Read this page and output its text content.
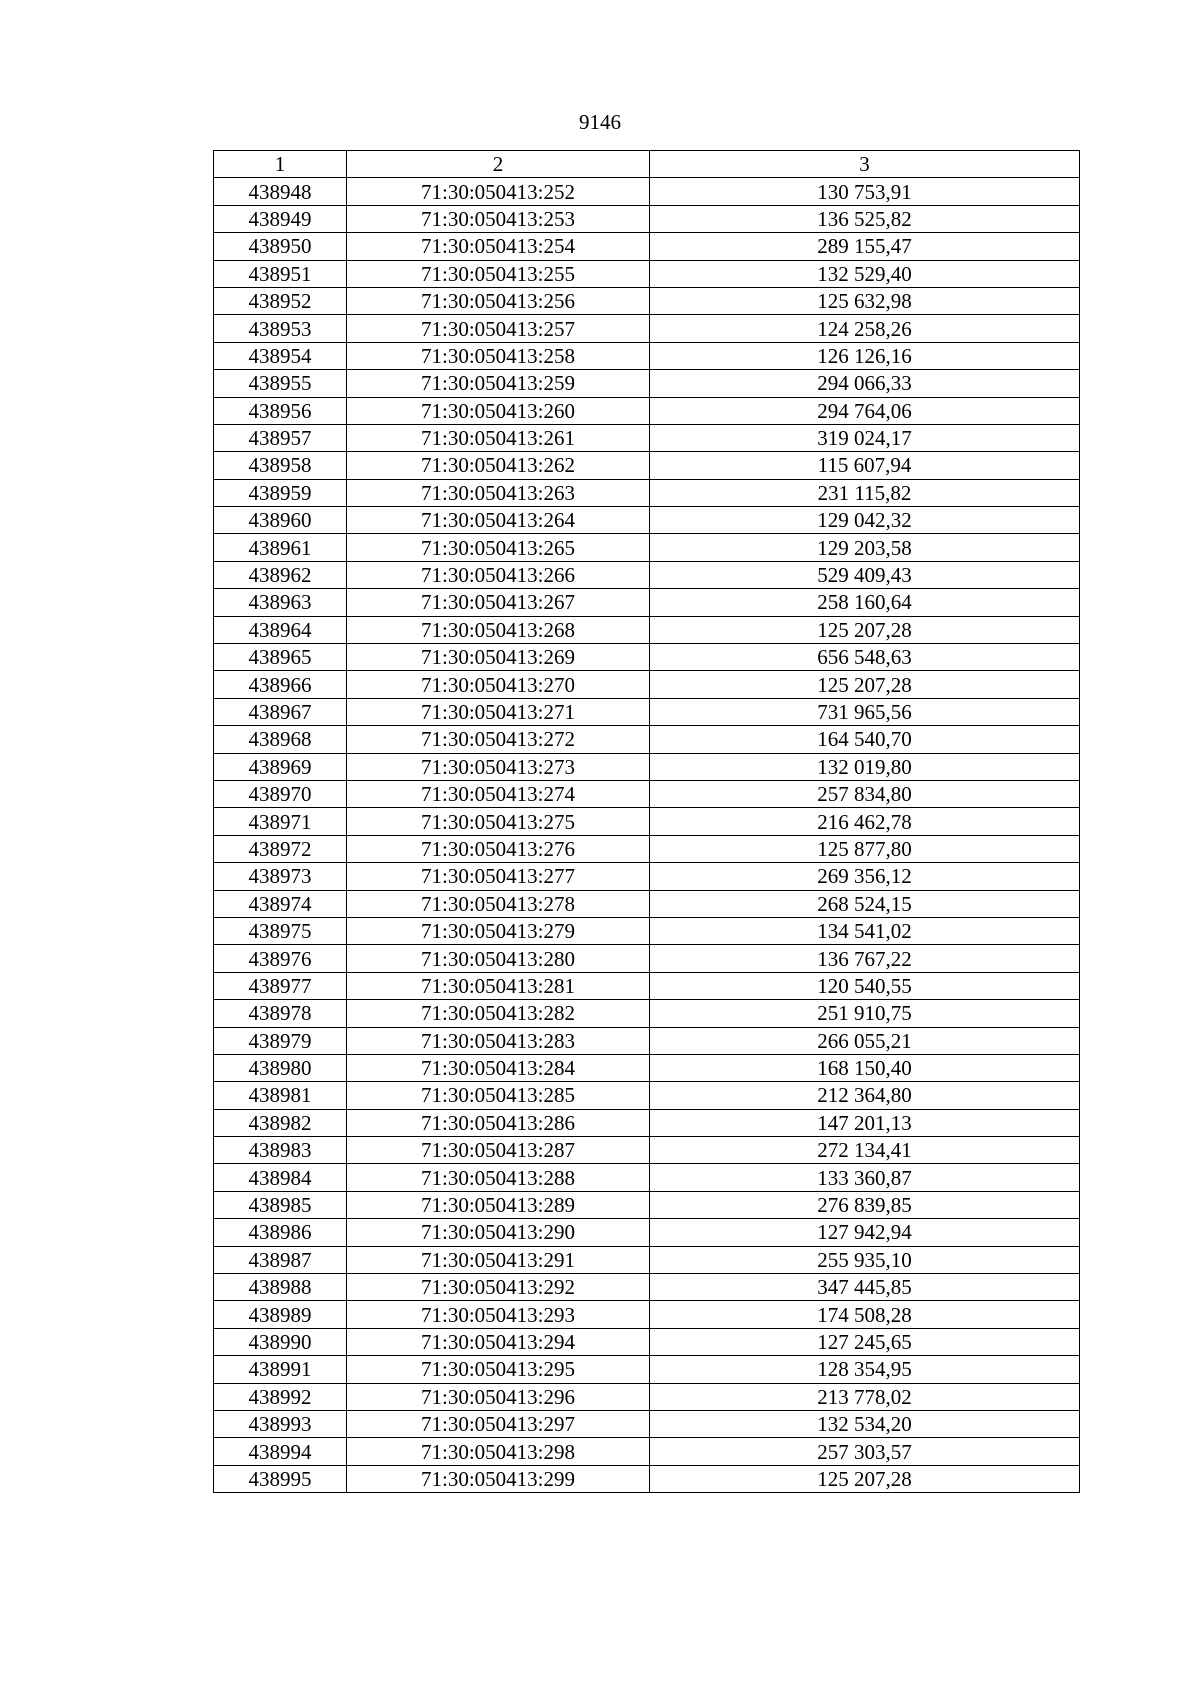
9146
1	2	3
438948	71:30:050413:252	130 753,91
438949	71:30:050413:253	136 525,82
438950	71:30:050413:254	289 155,47
438951	71:30:050413:255	132 529,40
438952	71:30:050413:256	125 632,98
438953	71:30:050413:257	124 258,26
438954	71:30:050413:258	126 126,16
438955	71:30:050413:259	294 066,33
438956	71:30:050413:260	294 764,06
438957	71:30:050413:261	319 024,17
438958	71:30:050413:262	115 607,94
438959	71:30:050413:263	231 115,82
438960	71:30:050413:264	129 042,32
438961	71:30:050413:265	129 203,58
438962	71:30:050413:266	529 409,43
438963	71:30:050413:267	258 160,64
438964	71:30:050413:268	125 207,28
438965	71:30:050413:269	656 548,63
438966	71:30:050413:270	125 207,28
438967	71:30:050413:271	731 965,56
438968	71:30:050413:272	164 540,70
438969	71:30:050413:273	132 019,80
438970	71:30:050413:274	257 834,80
438971	71:30:050413:275	216 462,78
438972	71:30:050413:276	125 877,80
438973	71:30:050413:277	269 356,12
438974	71:30:050413:278	268 524,15
438975	71:30:050413:279	134 541,02
438976	71:30:050413:280	136 767,22
438977	71:30:050413:281	120 540,55
438978	71:30:050413:282	251 910,75
438979	71:30:050413:283	266 055,21
438980	71:30:050413:284	168 150,40
438981	71:30:050413:285	212 364,80
438982	71:30:050413:286	147 201,13
438983	71:30:050413:287	272 134,41
438984	71:30:050413:288	133 360,87
438985	71:30:050413:289	276 839,85
438986	71:30:050413:290	127 942,94
438987	71:30:050413:291	255 935,10
438988	71:30:050413:292	347 445,85
438989	71:30:050413:293	174 508,28
438990	71:30:050413:294	127 245,65
438991	71:30:050413:295	128 354,95
438992	71:30:050413:296	213 778,02
438993	71:30:050413:297	132 534,20
438994	71:30:050413:298	257 303,57
438995	71:30:050413:299	125 207,28
